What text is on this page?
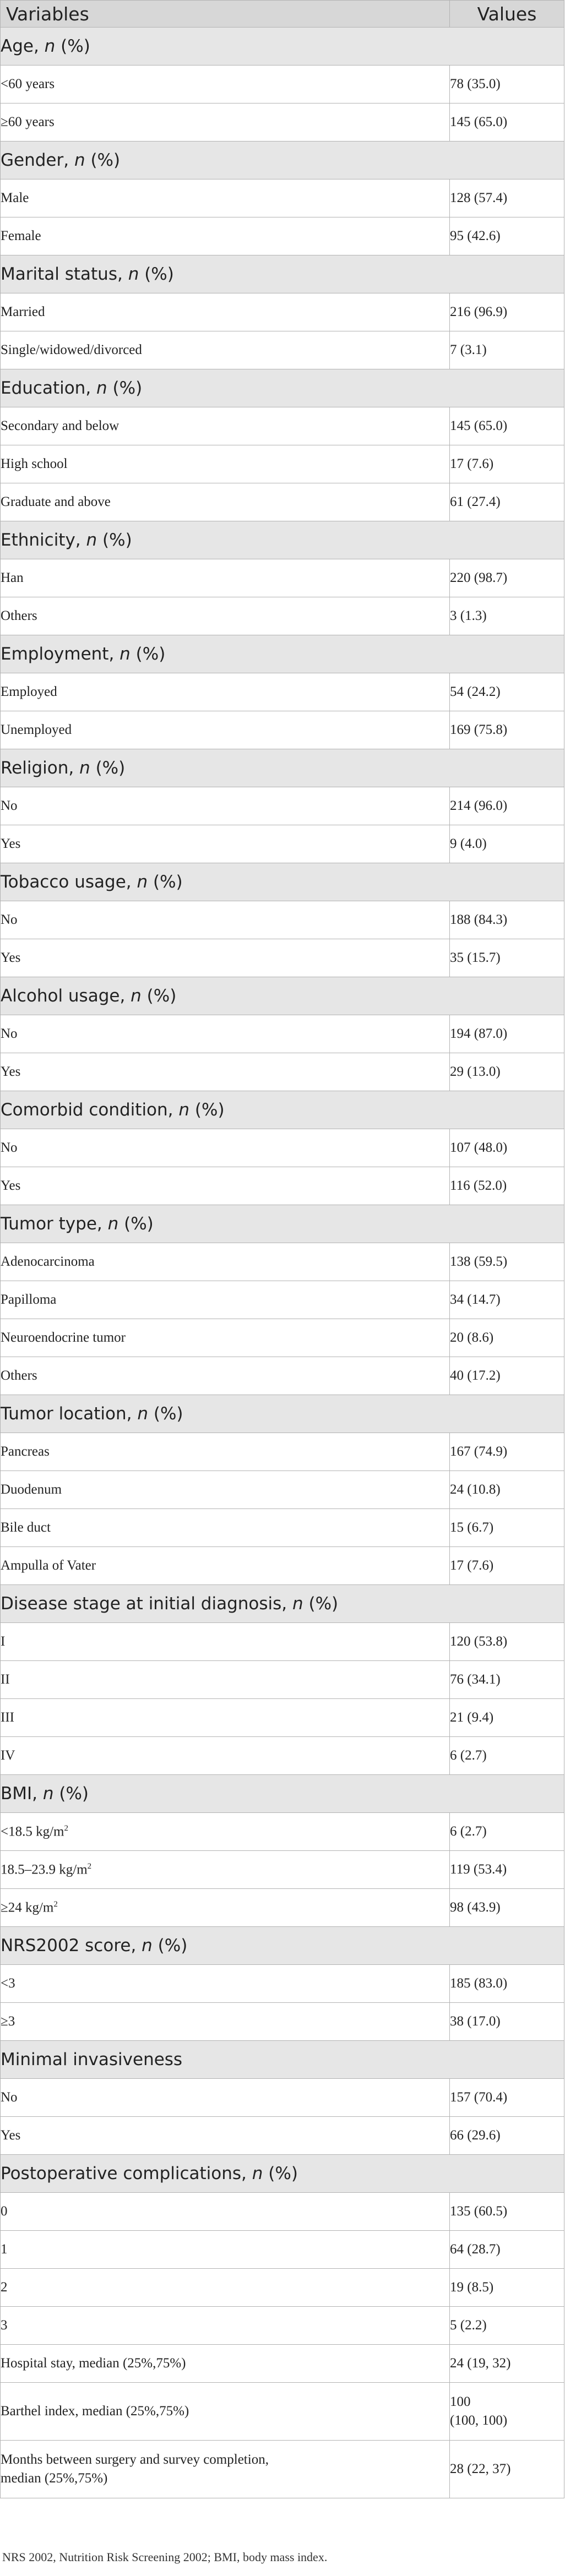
Variables	Values
Age, n (%)	
<60 years	78 (35.0)
≥60 years	145 (65.0)
Gender, n (%)	
Male	128 (57.4)
Female	95 (42.6)
Marital status, n (%)	
Married	216 (96.9)
Single/widowed/divorced	7 (3.1)
Education, n (%)	
Secondary and below	145 (65.0)
High school	17 (7.6)
Graduate and above	61 (27.4)
Ethnicity, n (%)	
Han	220 (98.7)
Others	3 (1.3)
Employment, n (%)	
Employed	54 (24.2)
Unemployed	169 (75.8)
Religion, n (%)	
No	214 (96.0)
Yes	9 (4.0)
Tobacco usage, n (%)	
No	188 (84.3)
Yes	35 (15.7)
Alcohol usage, n (%)	
No	194 (87.0)
Yes	29 (13.0)
Comorbid condition, n (%)	
No	107 (48.0)
Yes	116 (52.0)
Tumor type, n (%)	
Adenocarcinoma	138 (59.5)
Papilloma	34 (14.7)
Neuroendocrine tumor	20 (8.6)
Others	40 (17.2)
Tumor location, n (%)	
Pancreas	167 (74.9)
Duodenum	24 (10.8)
Bile duct	15 (6.7)
Ampulla of Vater	17 (7.6)
Disease stage at initial diagnosis, n (%)	
I	120 (53.8)
II	76 (34.1)
III	21 (9.4)
IV	6 (2.7)
BMI, n (%)	
<18.5 $kg/m^2$	6 (2.7)
18.5–23.9 $kg/m^2$	119 (53.4)
≥24 $kg/m^2$	98 (43.9)
NRS2002 score, n (%)	
<3	185 (83.0)
≥3	38 (17.0)
Minimal invasiveness	
No	157 (70.4)
Yes	66 (29.6)
Postoperative complications, n (%)	
0	135 (60.5)
1	64 (28.7)
2	19 (8.5)
3	5 (2.2)
Hospital stay, median (25%,75%)	24 (19, 32)
Barthel index, median (25%,75%)	100
(100, 100)
Months between surgery and survey completion,
median (25%,75%)	28 (22, 37)
NRS 2002, Nutrition Risk Screening 2002; BMI, body mass index.
